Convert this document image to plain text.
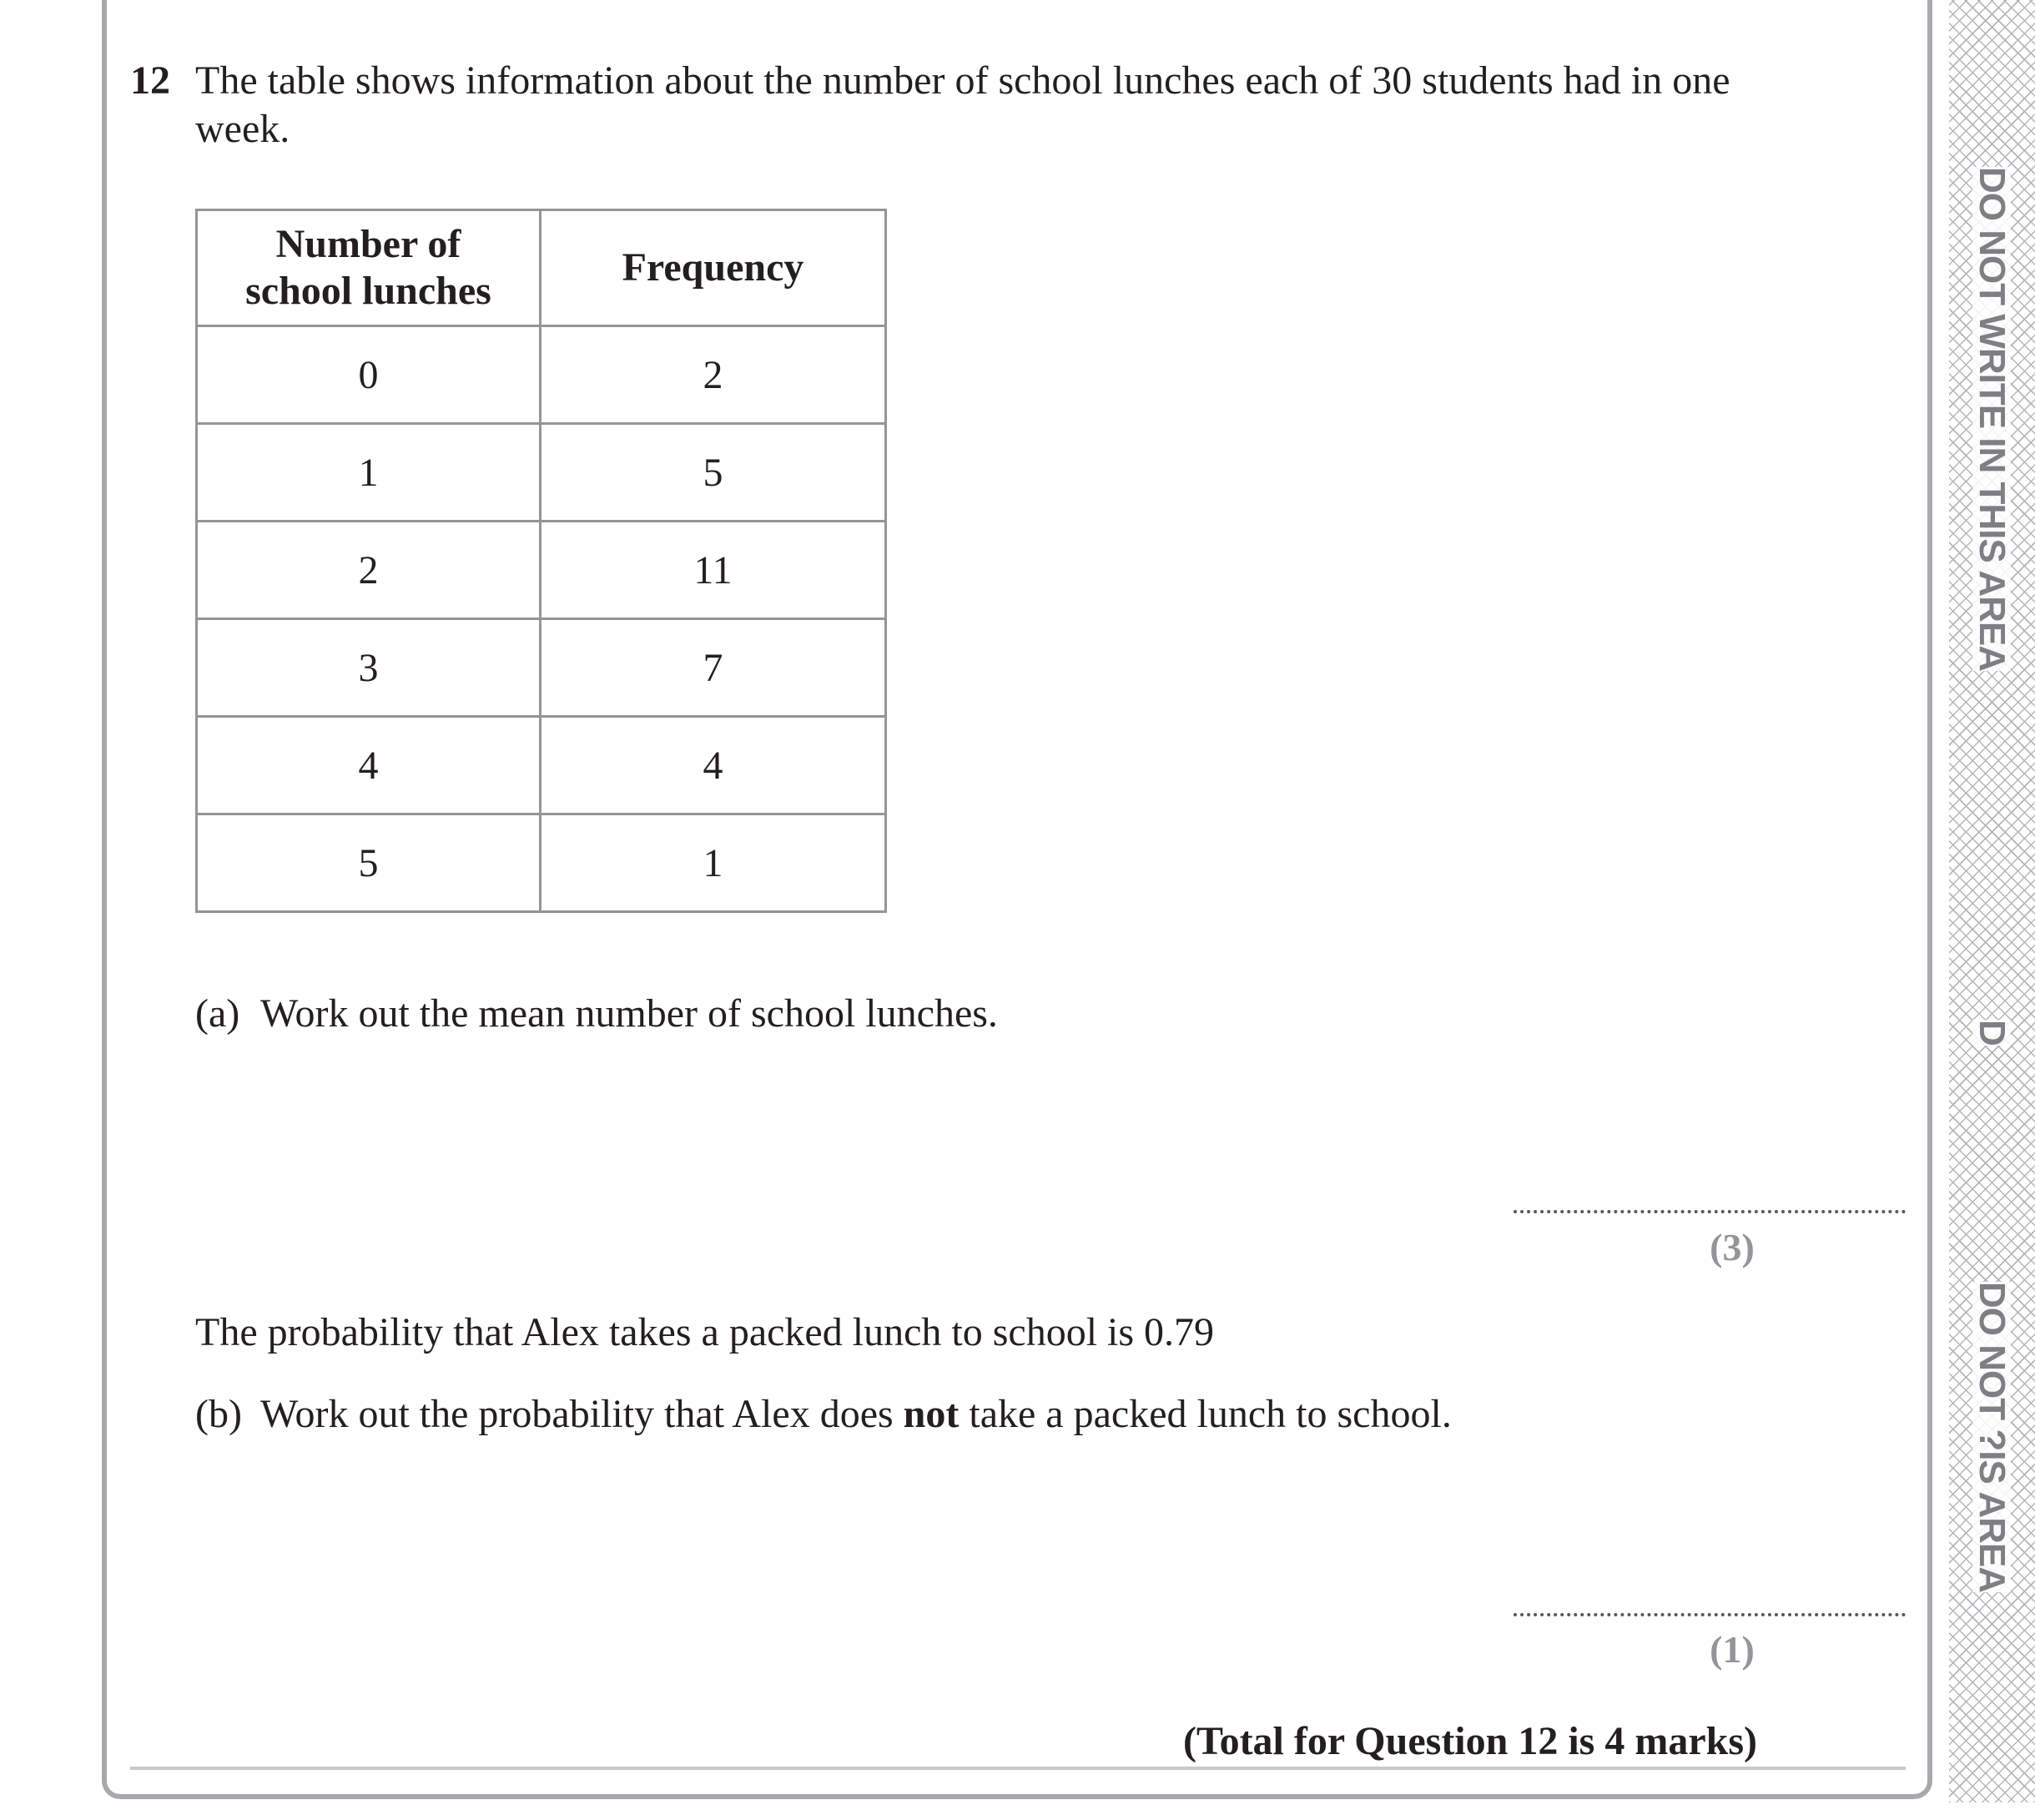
12 The table shows information about the number of school lunches each of 30 students had in one week.
Number of
school lunches	Frequency
0	2
1	5
2	11
3	7
4	4
5	1
(a) Work out the mean number of school lunches.
(3)
The probability that Alex takes a packed lunch to school is 0.79
(b) Work out the probability that Alex does not take a packed lunch to school.
(1)
(Total for Question 12 is 4 marks)
DO NOT WRITE IN THIS AREA
D
DO NOT ?IS AREA
